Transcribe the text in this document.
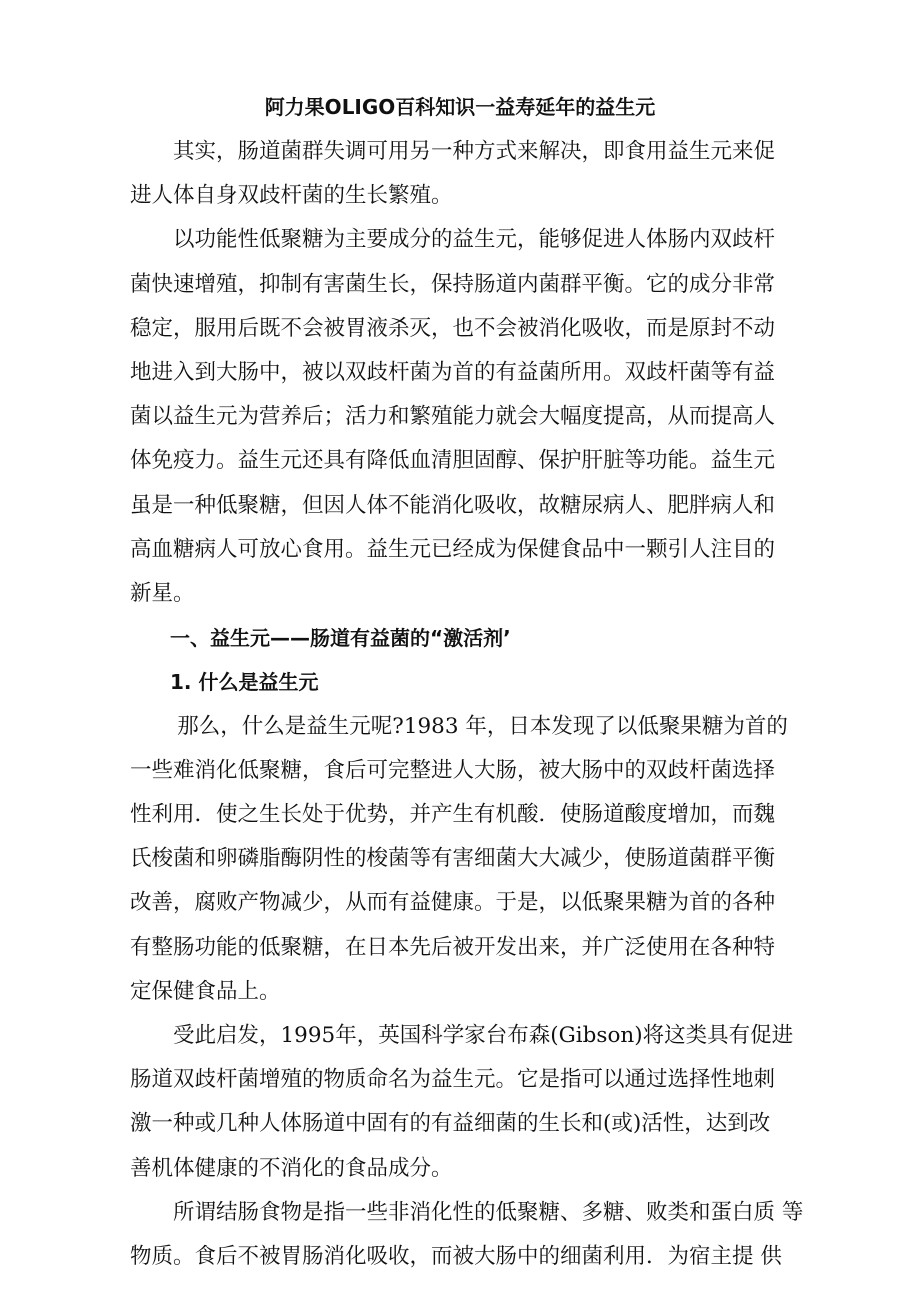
阿力果OLIGO百科知识一益寿延年的益生元

其实，肠道菌群失调可用另一种方式来解决，即食用益生元来促
进人体自身双歧杆菌的生长繁殖。

以功能性低聚糖为主要成分的益生元，能够促进人体肠内双歧杆
菌快速增殖，抑制有害菌生长，保持肠道内菌群平衡。它的成分非常
稳定，服用后既不会被胃液杀灭，也不会被消化吸收，而是原封不动
地进入到大肠中，被以双歧杆菌为首的有益菌所用。双歧杆菌等有益
菌以益生元为营养后；活力和繁殖能力就会大幅度提高，从而提高人
体免疫力。益生元还具有降低血清胆固醇、保护肝脏等功能。益生元
虽是一种低聚糖，但因人体不能消化吸收，故糖尿病人、肥胖病人和
高血糖病人可放心食用。益生元已经成为保健食品中一颗引人注目的
新星。

一、益生元——肠道有益菌的“激活剂’

1. 什么是益生元

那么，什么是益生元呢?1983 年，日本发现了以低聚果糖为首的
一些难消化低聚糖，食后可完整进人大肠，被大肠中的双歧杆菌选择
性利用．使之生长处于优势，并产生有机酸．使肠道酸度增加，而魏
氏梭菌和卵磷脂酶阴性的梭菌等有害细菌大大减少，使肠道菌群平衡
改善，腐败产物减少，从而有益健康。于是，以低聚果糖为首的各种
有整肠功能的低聚糖，在日本先后被开发出来，并广泛使用在各种特
定保健食品上。

受此启发，1995年，英国科学家台布森(Gibson)将这类具有促进
肠道双歧杆菌增殖的物质命名为益生元。它是指可以通过选择性地刺
激一种或几种人体肠道中固有的有益细菌的生长和(或)活性，达到改
善机体健康的不消化的食品成分。

所谓结肠食物是指一些非消化性的低聚糖、多糖、败类和蛋白质 等
物质。食后不被胃肠消化吸收，而被大肠中的细菌利用．为宿主提 供
